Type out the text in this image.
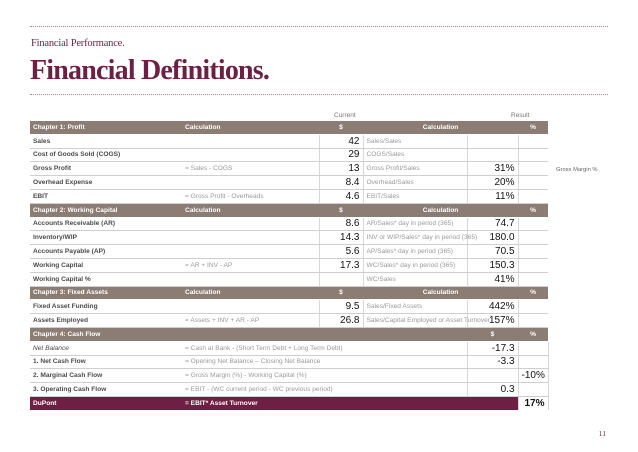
Financial Performance.
Financial Definitions.
Current	Result
Chapter 1: Profit	Calculation	$	Calculation		%
Sales		42	Sales/Sales		
Cost of Goods Sold (COGS)		29	COGS/Sales		
Gross Profit	= Sales - COGS	13	Gross Profit/Sales	31%	
Overhead Expense		8.4	Overhead/Sales	20%	
EBIT	= Gross Profit - Overheads	4.6	EBIT/Sales	11%	
Chapter 2: Working Capital	Calculation	$	Calculation		%
Accounts Receivable (AR)		8.6	AR/Sales* day in period (365)	74.7	
Inventory/WIP		14.3	INV or WIP/Sales* day in period (365)	180.0	
Accounts Payable (AP)		5.6	AP/Sales* day in period (365)	70.5	
Working Capital	= AR + INV - AP	17.3	WC/Sales* day in period (365)	150.3	
Working Capital %			WC/Sales	41%	
Chapter 3: Fixed Assets	Calculation	$	Calculation		%
Fixed Asset Funding		9.5	Sales/Fixed Assets	442%	
Assets Employed	= Assets + INV + AR - AP	26.8	Sales/Capital Employed or Asset Turnover	157%	
Chapter 4: Cash Flow				$	%
Net Balance	= Cash at Bank - (Short Term Debt + Long Term Debt)			-17.3	
1. Net Cash Flow	= Opening Net Balance – Closing Net Balance			-3.3	
2. Marginal Cash Flow	= Gross Margin (%) - Working Capital (%)				-10%
3. Operating Cash Flow	= EBIT - (WC current period - WC previous period)			0.3	
DuPont	= EBIT* Asset Turnover				17%
Gross Margin %
11
